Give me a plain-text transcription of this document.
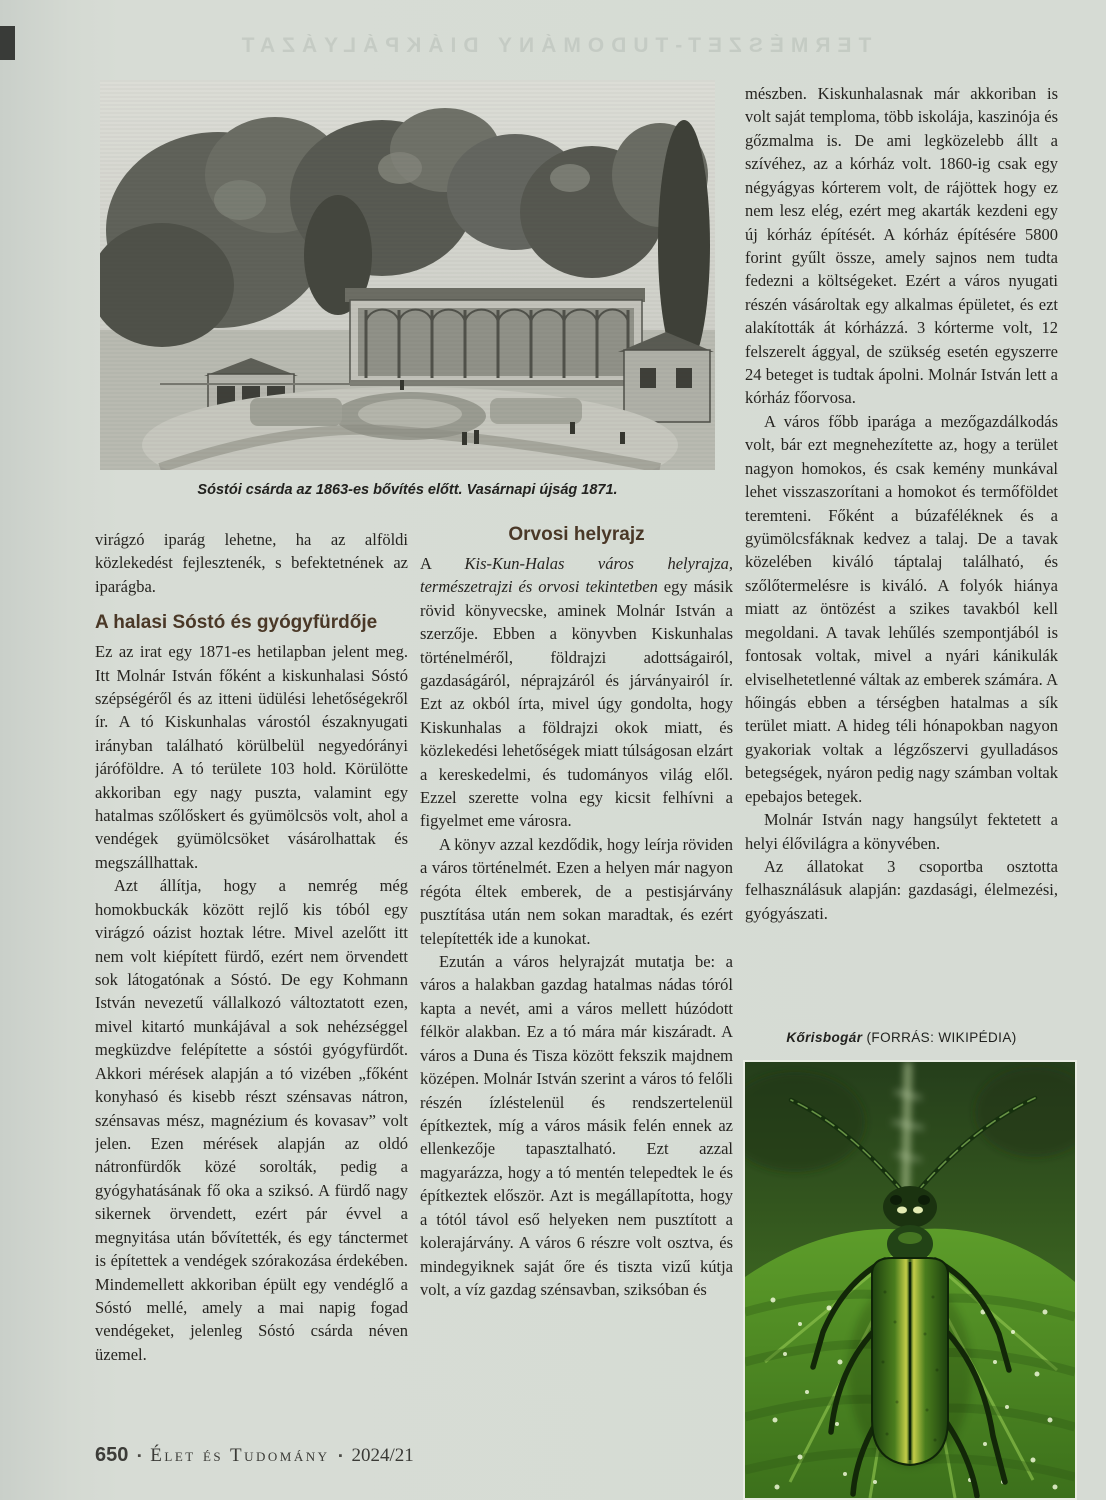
TERMÉSZET-TUDOMÁNY DIÁKPÁLYÁZAT
Sóstói csárda az 1863-es bővítés előtt. Vasárnapi újság 1871.

virágzó iparág lehetne, ha az alföldi közlekedést fejlesztenék, s befektetnének az iparágba.

A halasi Sóstó és gyógyfürdője

Ez az irat egy 1871-es hetilapban jelent meg. Itt Molnár István főként a kiskunhalasi Sóstó szépségéről és az itteni üdülési lehetőségekről ír. A tó Kiskunhalas várostól északnyugati irányban található körülbelül negyedórányi járóföldre. A tó területe 103 hold. Körülötte akkoriban egy nagy puszta, valamint egy hatalmas szőlőskert és gyümölcsös volt, ahol a vendégek gyümölcsöket vásárolhattak és megszállhattak.

Azt állítja, hogy a nemrég még homokbuckák között rejlő kis tóból egy virágzó oázist hoztak létre. Mivel azelőtt itt nem volt kiépített fürdő, ezért nem örvendett sok látogatónak a Sóstó. De egy Kohmann István nevezetű vállalkozó változtatott ezen, mivel kitartó munkájával a sok nehézséggel megküzdve felépítette a sóstói gyógyfürdőt. Akkori mérések alapján a tó vizében „főként konyhasó és kisebb részt szénsavas nátron, szénsavas mész, magnézium és kovasav” volt jelen. Ezen mérések alapján az oldó nátronfürdők közé sorolták, pedig a gyógyhatásának fő oka a sziksó. A fürdő nagy sikernek örvendett, ezért pár évvel a megnyitása után bővítették, és egy tánctermet is építettek a vendégek szórakozása érdekében. Mindemellett akkoriban épült egy vendéglő a Sóstó mellé, amely a mai napig fogad vendégeket, jelenleg Sóstó csárda néven üzemel.

Orvosi helyrajz

A Kis-Kun-Halas város helyrajza, természetrajzi és orvosi tekintetben egy másik rövid könyvecske, aminek Molnár István a szerzője. Ebben a könyvben Kiskunhalas történelméről, földrajzi adottságairól, gazdaságáról, néprajzáról és járványairól ír. Ezt az okból írta, mivel úgy gondolta, hogy Kiskunhalas a földrajzi okok miatt, és közlekedési lehetőségek miatt túlságosan elzárt a kereskedelmi, és tudományos világ elől. Ezzel szerette volna egy kicsit felhívni a figyelmet eme városra.

A könyv azzal kezdődik, hogy leírja röviden a város történelmét. Ezen a helyen már nagyon régóta éltek emberek, de a pestisjárvány pusztítása után nem sokan maradtak, és ezért telepítették ide a kunokat.

Ezután a város helyrajzát mutatja be: a város a halakban gazdag hatalmas nádas tóról kapta a nevét, ami a város mellett húzódott félkör alakban. Ez a tó mára már kiszáradt. A város a Duna és Tisza között fekszik majdnem középen. Molnár István szerint a város tó felőli részén ízléstelenül és rendszertelenül építkeztek, míg a város másik felén ennek az ellenkezője tapasztalható. Ezt azzal magyarázza, hogy a tó mentén telepedtek le és építkeztek először. Azt is megállapította, hogy a tótól távol eső helyeken nem pusztított a kolerajárvány. A város 6 részre volt osztva, és mindegyiknek saját őre és tiszta vizű kútja volt, a víz gazdag szénsavban, sziksóban és

mészben. Kiskunhalasnak már akkoriban is volt saját temploma, több iskolája, kaszinója és gőzmalma is. De ami legközelebb állt a szívéhez, az a kórház volt. 1860-ig csak egy négyágyas kórterem volt, de rájöttek hogy ez nem lesz elég, ezért meg akarták kezdeni egy új kórház építését. A kórház építésére 5800 forint gyűlt össze, amely sajnos nem tudta fedezni a költségeket. Ezért a város nyugati részén vásároltak egy alkalmas épületet, és ezt alakították át kórházzá. 3 kórterme volt, 12 felszerelt ággyal, de szükség esetén egyszerre 24 beteget is tudtak ápolni. Molnár István lett a kórház főorvosa.

A város főbb iparága a mezőgazdálkodás volt, bár ezt megnehezítette az, hogy a terület nagyon homokos, és csak kemény munkával lehet visszaszorítani a homokot és termőföldet teremteni. Főként a búzaféléknek és a gyümölcsfáknak kedvez a talaj. De a tavak közelében kiváló táptalaj található, és szőlőtermelésre is kiváló. A folyók hiánya miatt az öntözést a szikes tavakból kell megoldani. A tavak lehűlés szempontjából is fontosak voltak, mivel a nyári kánikulák elviselhetetlenné váltak az emberek számára. A hőingás ebben a térségben hatalmas a sík terület miatt. A hideg téli hónapokban nagyon gyakoriak voltak a légzőszervi gyulladásos betegségek, nyáron pedig nagy számban voltak epebajos betegek.

Molnár István nagy hangsúlyt fektetett a helyi élővilágra a könyvében.

Az állatokat 3 csoportba osztotta felhasználásuk alapján: gazdasági, élelmezési, gyógyászati.

Kőrisbogár (FORRÁS: WIKIPÉDIA)
650 ▪ Élet és Tudomány ▪ 2024/21
